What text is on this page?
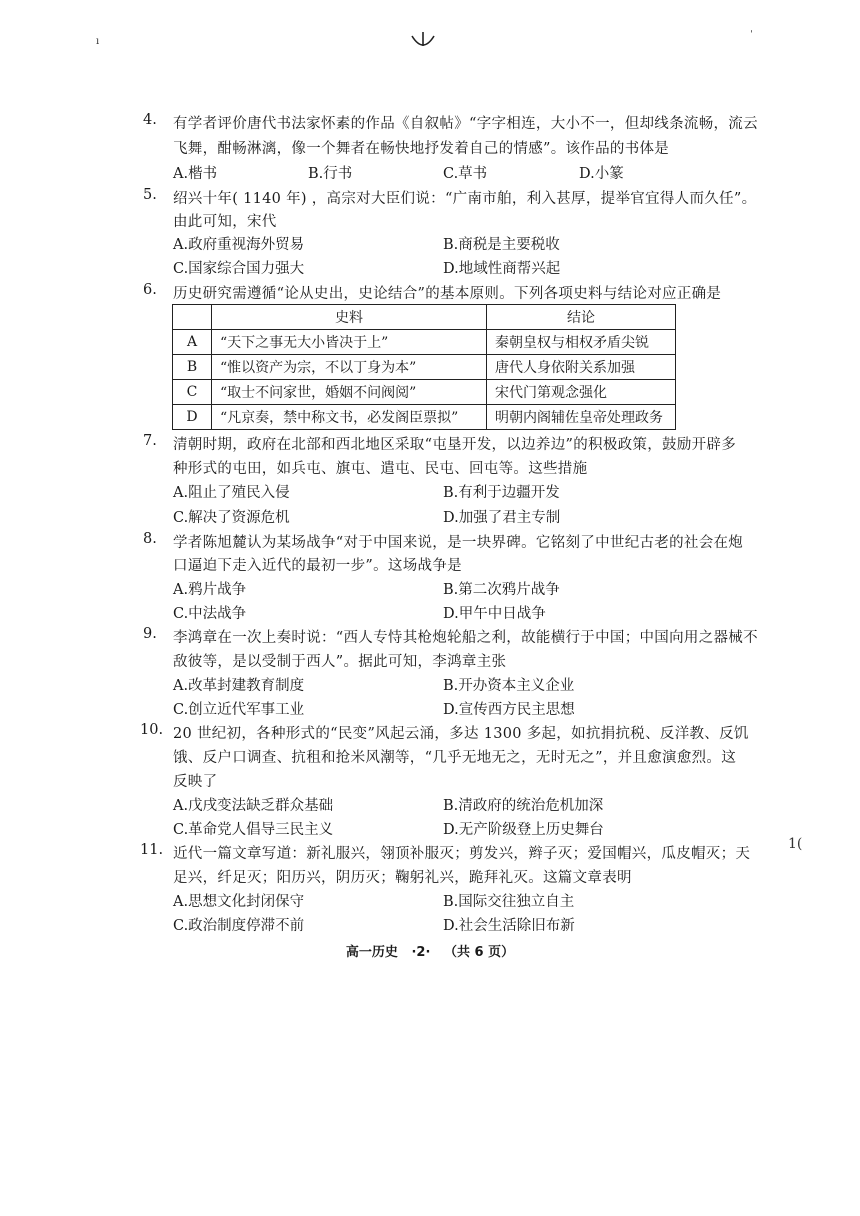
ı
ˈ
4.	有学者评价唐代书法家怀素的作品《自叙帖》“字字相连，大小不一，但却线条流畅，流云
飞舞，酣畅淋漓，像一个舞者在畅快地抒发着自己的情感”。该作品的书体是
A.楷书	B.行书	C.草书	D.小篆
5.	绍兴十年( 1140 年) ，高宗对大臣们说：“广南市舶，利入甚厚，提举官宜得人而久任”。
由此可知，宋代
A.政府重视海外贸易	B.商税是主要税收
C.国家综合国力强大	D.地域性商帮兴起
6.	历史研究需遵循“论从史出，史论结合”的基本原则。下列各项史料与结论对应正确是
	史料	结论
A	“天下之事无大小皆决于上”	秦朝皇权与相权矛盾尖锐
B	“惟以资产为宗，不以丁身为本”	唐代人身依附关系加强
C	“取士不问家世，婚姻不问阀阅”	宋代门第观念强化
D	“凡京奏，禁中称文书，必发阁臣票拟”	明朝内阁辅佐皇帝处理政务
7.	清朝时期，政府在北部和西北地区采取“屯垦开发，以边养边”的积极政策，鼓励开辟多
种形式的屯田，如兵屯、旗屯、遣屯、民屯、回屯等。这些措施
A.阻止了殖民入侵	B.有利于边疆开发
C.解决了资源危机	D.加强了君主专制
8.	学者陈旭麓认为某场战争“对于中国来说，是一块界碑。它铭刻了中世纪古老的社会在炮
口逼迫下走入近代的最初一步”。这场战争是
A.鸦片战争	B.第二次鸦片战争
C.中法战争	D.甲午中日战争
9.	李鸿章在一次上奏时说：“西人专恃其枪炮轮船之利，故能横行于中国；中国向用之器械不
敌彼等，是以受制于西人”。据此可知，李鸿章主张
A.改革封建教育制度	B.开办资本主义企业
C.创立近代军事工业	D.宣传西方民主思想
10. 20 世纪初，各种形式的“民变”风起云涌，多达 1300 多起，如抗捐抗税、反洋教、反饥
饿、反户口调查、抗租和抢米风潮等，“几乎无地无之，无时无之”，并且愈演愈烈。这
反映了
A.戊戌变法缺乏群众基础	B.清政府的统治危机加深
C.革命党人倡导三民主义	D.无产阶级登上历史舞台
11. 近代一篇文章写道：新礼服兴，翎顶补服灭；剪发兴，辫子灭；爱国帽兴，瓜皮帽灭；天
足兴，纤足灭；阳历兴，阴历灭；鞠躬礼兴，跪拜礼灭。这篇文章表明
A.思想文化封闭保守	B.国际交往独立自主
C.政治制度停滞不前	D.社会生活除旧布新
1(
高一历史   ·2·   （共 6 页）
